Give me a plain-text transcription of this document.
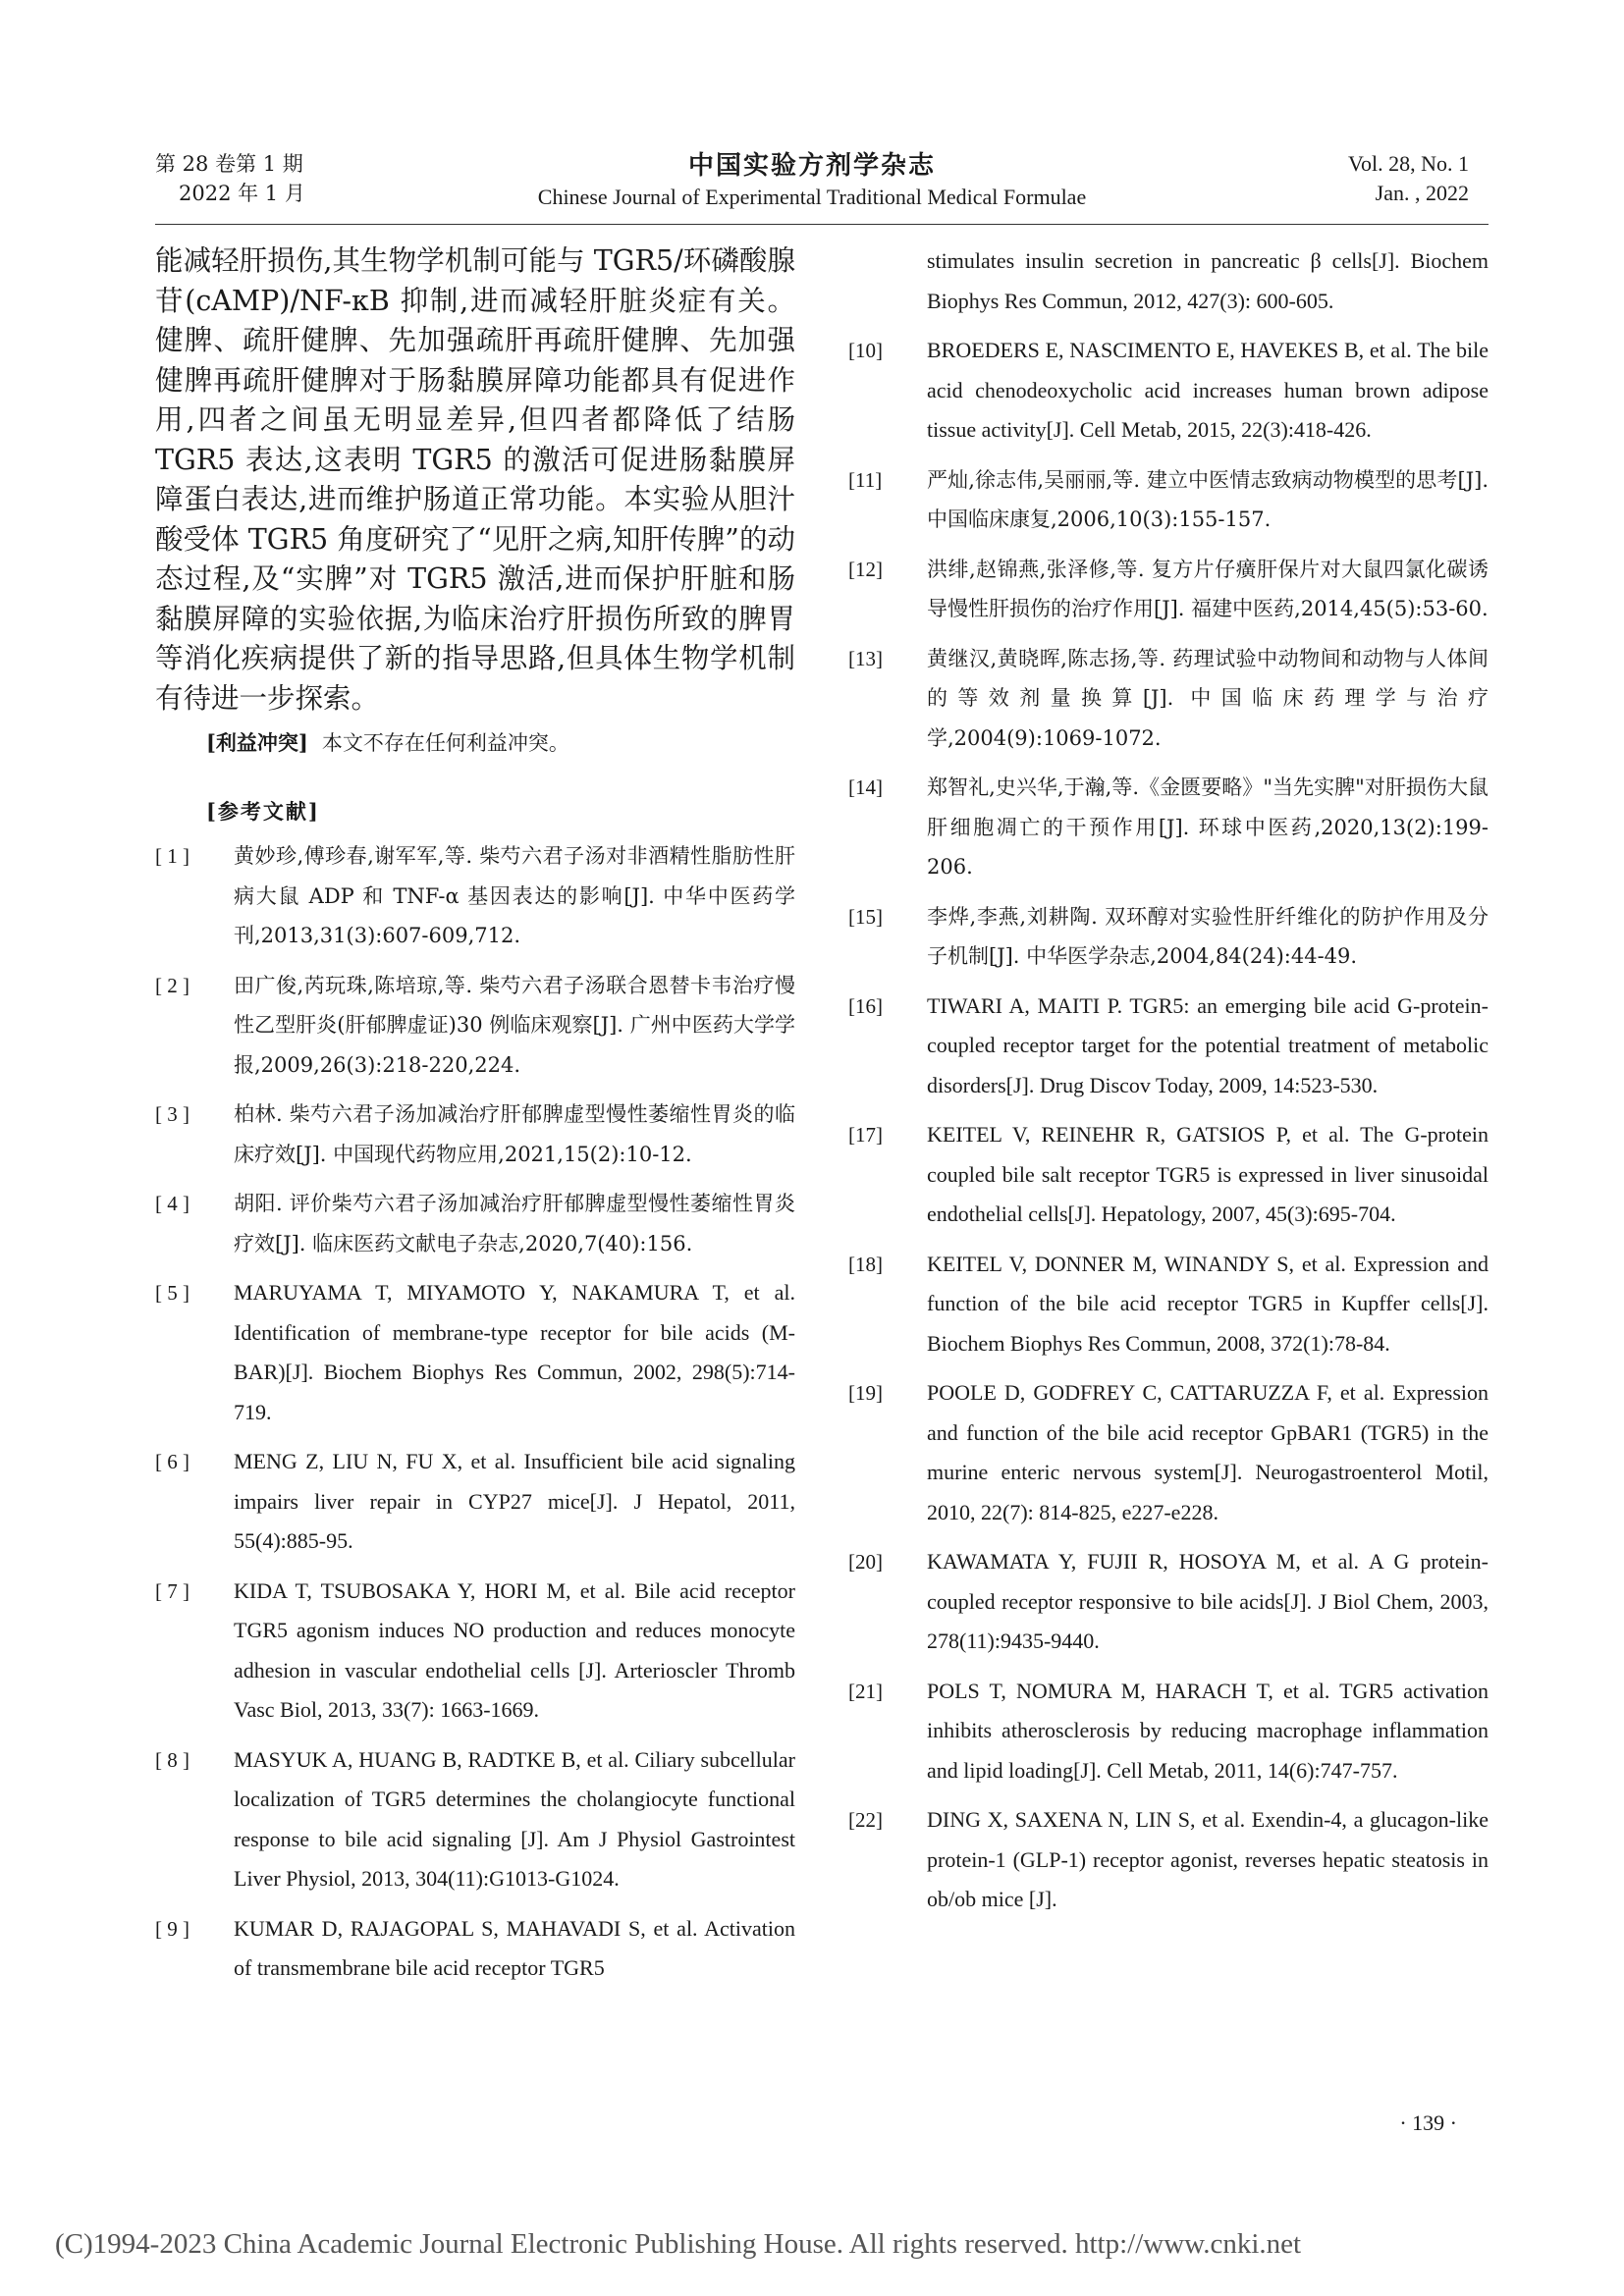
第 28 卷第 1 期
2022 年 1 月
中国实验方剂学杂志
Chinese Journal of Experimental Traditional Medical Formulae
Vol. 28, No. 1
Jan. , 2022

能减轻肝损伤,其生物学机制可能与 TGR5/环磷酸腺苷(cAMP)/NF-κB 抑制,进而减轻肝脏炎症有关。健脾、疏肝健脾、先加强疏肝再疏肝健脾、先加强健脾再疏肝健脾对于肠黏膜屏障功能都具有促进作用,四者之间虽无明显差异,但四者都降低了结肠 TGR5 表达,这表明 TGR5 的激活可促进肠黏膜屏障蛋白表达,进而维护肠道正常功能。本实验从胆汁酸受体 TGR5 角度研究了“见肝之病,知肝传脾”的动态过程,及“实脾”对 TGR5 激活,进而保护肝脏和肠黏膜屏障的实验依据,为临床治疗肝损伤所致的脾胃等消化疾病提供了新的指导思路,但具体生物学机制有待进一步探索。

[利益冲突] 本文不存在任何利益冲突。
[参考文献]
[ 1 ]	黄妙珍,傅珍春,谢军军,等. 柴芍六君子汤对非酒精性脂肪性肝病大鼠 ADP 和 TNF-α 基因表达的影响[J]. 中华中医药学刊,2013,31(3):607-609,712.
[ 2 ]	田广俊,芮玩珠,陈培琼,等. 柴芍六君子汤联合恩替卡韦治疗慢性乙型肝炎(肝郁脾虚证)30 例临床观察[J]. 广州中医药大学学报,2009,26(3):218-220,224.
[ 3 ]	柏林. 柴芍六君子汤加减治疗肝郁脾虚型慢性萎缩性胃炎的临床疗效[J]. 中国现代药物应用,2021,15(2):10-12.
[ 4 ]	胡阳. 评价柴芍六君子汤加减治疗肝郁脾虚型慢性萎缩性胃炎疗效[J]. 临床医药文献电子杂志,2020,7(40):156.
[ 5 ]	MARUYAMA T, MIYAMOTO Y, NAKAMURA T, et al. Identification of membrane-type receptor for bile acids (M-BAR)[J]. Biochem Biophys Res Commun, 2002, 298(5):714-719.
[ 6 ]	MENG Z, LIU N, FU X, et al. Insufficient bile acid signaling impairs liver repair in CYP27 mice[J]. J Hepatol, 2011, 55(4):885-95.
[ 7 ]	KIDA T, TSUBOSAKA Y, HORI M, et al. Bile acid receptor TGR5 agonism induces NO production and reduces monocyte adhesion in vascular endothelial cells [J]. Arterioscler Thromb Vasc Biol, 2013, 33(7): 1663-1669.
[ 8 ]	MASYUK A, HUANG B, RADTKE B, et al. Ciliary subcellular localization of TGR5 determines the cholangiocyte functional response to bile acid signaling [J]. Am J Physiol Gastrointest Liver Physiol, 2013, 304(11):G1013-G1024.
[ 9 ]	KUMAR D, RAJAGOPAL S, MAHAVADI S, et al. Activation of transmembrane bile acid receptor TGR5
stimulates insulin secretion in pancreatic β cells[J]. Biochem Biophys Res Commun, 2012, 427(3): 600-605.
[10]	BROEDERS E, NASCIMENTO E, HAVEKES B, et al. The bile acid chenodeoxycholic acid increases human brown adipose tissue activity[J]. Cell Metab, 2015, 22(3):418-426.
[11]	严灿,徐志伟,吴丽丽,等. 建立中医情志致病动物模型的思考[J]. 中国临床康复,2006,10(3):155-157.
[12]	洪绯,赵锦燕,张泽修,等. 复方片仔癀肝保片对大鼠四氯化碳诱导慢性肝损伤的治疗作用[J]. 福建中医药,2014,45(5):53-60.
[13]	黄继汉,黄晓晖,陈志扬,等. 药理试验中动物间和动物与人体间的等效剂量换算[J]. 中国临床药理学与治疗学,2004(9):1069-1072.
[14]	郑智礼,史兴华,于瀚,等.《金匮要略》"当先实脾"对肝损伤大鼠肝细胞凋亡的干预作用[J]. 环球中医药,2020,13(2):199-206.
[15]	李烨,李燕,刘耕陶. 双环醇对实验性肝纤维化的防护作用及分子机制[J]. 中华医学杂志,2004,84(24):44-49.
[16]	TIWARI A, MAITI P. TGR5: an emerging bile acid G-protein-coupled receptor target for the potential treatment of metabolic disorders[J]. Drug Discov Today, 2009, 14:523-530.
[17]	KEITEL V, REINEHR R, GATSIOS P, et al. The G-protein coupled bile salt receptor TGR5 is expressed in liver sinusoidal endothelial cells[J]. Hepatology, 2007, 45(3):695-704.
[18]	KEITEL V, DONNER M, WINANDY S, et al. Expression and function of the bile acid receptor TGR5 in Kupffer cells[J]. Biochem Biophys Res Commun, 2008, 372(1):78-84.
[19]	POOLE D, GODFREY C, CATTARUZZA F, et al. Expression and function of the bile acid receptor GpBAR1 (TGR5) in the murine enteric nervous system[J]. Neurogastroenterol Motil, 2010, 22(7): 814-825, e227-e228.
[20]	KAWAMATA Y, FUJII R, HOSOYA M, et al. A G protein-coupled receptor responsive to bile acids[J]. J Biol Chem, 2003, 278(11):9435-9440.
[21]	POLS T, NOMURA M, HARACH T, et al. TGR5 activation inhibits atherosclerosis by reducing macrophage inflammation and lipid loading[J]. Cell Metab, 2011, 14(6):747-757.
[22]	DING X, SAXENA N, LIN S, et al. Exendin-4, a glucagon-like protein-1 (GLP-1) receptor agonist, reverses hepatic steatosis in ob/ob mice [J].
· 139 ·
(C)1994-2023 China Academic Journal Electronic Publishing House. All rights reserved. http://www.cnki.net
